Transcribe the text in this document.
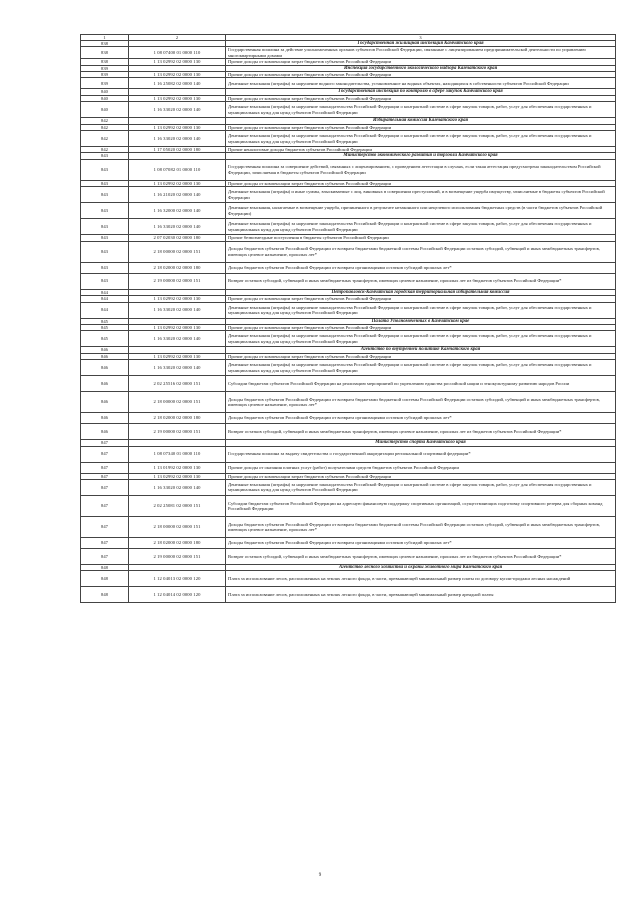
1	2	3
838		Государственная жилищная инспекция Камчатского края
838	1 08 07400 01 0000 110	Государственная пошлина за действие уполномоченных органов субъектов Российской Федерации, связанные с лицензированием предпринимательской деятельности по управлению многоквартирными домами
838	1 13 02992 02 0000 130	Прочие доходы от компенсации затрат бюджетов субъектов Российской Федерации
839		Инспекция государственного экологического надзора Камчатского края
839	1 13 02992 02 0000 130	Прочие доходы от компенсации затрат бюджетов субъектов Российской Федерации
839	1 16 25082 02 0000 140	Денежные взыскания (штрафы) за нарушение водного законодательства, установленное на водных объектах, находящихся в собственности субъектов Российской Федерации
840		Государственная инспекция по контролю в сфере закупок Камчатского края
840	1 13 02992 02 0000 130	Прочие доходы от компенсации затрат бюджетов субъектов Российской Федерации
840	1 16 33020 02 0000 140	Денежные взыскания (штрафы) за нарушение законодательства Российской Федерации о контрактной системе в сфере закупок товаров, работ, услуг для обеспечения государственных и муниципальных нужд для нужд субъектов Российской Федерации
842		Избирательная комиссия Камчатского края
842	1 13 02992 02 0000 130	Прочие доходы от компенсации затрат бюджетов субъектов Российской Федерации
842	1 16 33020 02 0000 140	Денежные взыскания (штрафы) за нарушение законодательства Российской Федерации о контрактной системе в сфере закупок товаров, работ, услуг для обеспечения государственных и муниципальных нужд для нужд субъектов Российской Федерации
842	1 17 05020 02 0000 180	Прочие неналоговые доходы бюджетов субъектов Российской Федерации
843		Министерство экономического развития и торговли Камчатского края
843	1 08 07082 01 0000 110	Государственная пошлина за совершение действий, связанных с лицензированием, с проведением аттестации в случаях, если такая аттестация предусмотрена законодательством Российской Федерации, зачисляемая в бюджеты субъектов Российской Федерации
843	1 13 02992 02 0000 130	Прочие доходы от компенсации затрат бюджетов субъектов Российской Федерации
843	1 16 21020 02 0000 140	Денежные взыскания (штрафы) и иные суммы, взыскиваемые с лиц, виновных в совершении преступлений, и в возмещение ущерба имуществу, зачисляемые в бюджеты субъектов Российской Федерации
843	1 16 32000 02 0000 140	Денежные взыскания, налагаемые в возмещение ущерба, причиненного в результате незаконного или нецелевого использования бюджетных средств (в части бюджетов субъектов Российской Федерации)
843	1 16 33020 02 0000 140	Денежные взыскания (штрафы) за нарушение законодательства Российской Федерации о контрактной системе в сфере закупок товаров, работ, услуг для обеспечения государственных и муниципальных нужд для нужд субъектов Российской Федерации
843	2 07 02030 02 0000 180	Прочие безвозмездные поступления в бюджеты субъектов Российской Федерации
843	2 18 00000 02 0000 151	Доходы бюджетов субъектов Российской Федерации от возврата бюджетами бюджетной системы Российской Федерации остатков субсидий, субвенций и иных межбюджетных трансфертов, имеющих целевое назначение, прошлых лет*
843	2 18 02000 02 0000 180	Доходы бюджетов субъектов Российской Федерации от возврата организациями остатков субсидий прошлых лет*
843	2 19 00000 02 0000 151	Возврат остатков субсидий, субвенций и иных межбюджетных трансфертов, имеющих целевое назначение, прошлых лет из бюджетов субъектов Российской Федерации*
844		Петропавловск-Камчатская городская территориальная избирательная комиссия
844	1 13 02992 02 0000 130	Прочие доходы от компенсации затрат бюджетов субъектов Российской Федерации
844	1 16 33020 02 0000 140	Денежные взыскания (штрафы) за нарушение законодательства Российской Федерации о контрактной системе в сфере закупок товаров, работ, услуг для обеспечения государственных и муниципальных нужд для нужд субъектов Российской Федерации
845		Палата Уполномоченных в Камчатском крае
845	1 13 02992 02 0000 130	Прочие доходы от компенсации затрат бюджетов субъектов Российской Федерации
845	1 16 33020 02 0000 140	Денежные взыскания (штрафы) за нарушение законодательства Российской Федерации о контрактной системе в сфере закупок товаров, работ, услуг для обеспечения государственных и муниципальных нужд для нужд субъектов Российской Федерации
846		Агентство по внутренней политике Камчатского края
846	1 13 02992 02 0000 130	Прочие доходы от компенсации затрат бюджетов субъектов Российской Федерации
846	1 16 33020 02 0000 140	Денежные взыскания (штрафы) за нарушение законодательства Российской Федерации о контрактной системе в сфере закупок товаров, работ, услуг для обеспечения государственных и муниципальных нужд для нужд субъектов Российской Федерации
846	2 02 25516 02 0000 151	Субсидии бюджетам субъектов Российской Федерации на реализацию мероприятий по укреплению единства российской нации и этнокультурному развитию народов России
846	2 18 00000 02 0000 151	Доходы бюджетов субъектов Российской Федерации от возврата бюджетами бюджетной системы Российской Федерации остатков субсидий, субвенций и иных межбюджетных трансфертов, имеющих целевое назначение, прошлых лет*
846	2 18 02000 02 0000 180	Доходы бюджетов субъектов Российской Федерации от возврата организациями остатков субсидий прошлых лет*
846	2 19 00000 02 0000 151	Возврат остатков субсидий, субвенций и иных межбюджетных трансфертов, имеющих целевое назначение, прошлых лет из бюджетов субъектов Российской Федерации*
847		Министерство спорта Камчатского края
847	1 08 07340 01 0000 110	Государственная пошлина за выдачу свидетельства о государственной аккредитации региональной спортивной федерации*
847	1 13 01992 02 0000 130	Прочие доходы от оказания платных услуг (работ) получателями средств бюджетов субъектов Российской Федерации
847	1 13 02992 02 0000 130	Прочие доходы от компенсации затрат бюджетов субъектов Российской Федерации
847	1 16 33020 02 0000 140	Денежные взыскания (штрафы) за нарушение законодательства Российской Федерации о контрактной системе в сфере закупок товаров, работ, услуг для обеспечения государственных и муниципальных нужд для нужд субъектов Российской Федерации
847	2 02 25081 02 0000 151	Субсидии бюджетам субъектов Российской Федерации на адресную финансовую поддержку спортивных организаций, осуществляющих подготовку спортивного резерва для сборных команд Российской Федерации
847	2 18 00000 02 0000 151	Доходы бюджетов субъектов Российской Федерации от возврата бюджетами бюджетной системы Российской Федерации остатков субсидий, субвенций и иных межбюджетных трансфертов, имеющих целевое назначение, прошлых лет*
847	2 18 02000 02 0000 180	Доходы бюджетов субъектов Российской Федерации от возврата организациями остатков субсидий прошлых лет*
847	2 19 00000 02 0000 151	Возврат остатков субсидий, субвенций и иных межбюджетных трансфертов, имеющих целевое назначение, прошлых лет из бюджетов субъектов Российской Федерации*
848		Агентство лесного хозяйства и охраны животного мира Камчатского края
848	1 12 04013 02 0000 120	Плата за использование лесов, расположенных на землях лесного фонда, в части, превышающей минимальный размер платы по договору купли-продажи лесных насаждений
848	1 12 04014 02 0000 120	Плата за использование лесов, расположенных на землях лесного фонда, в части, превышающей минимальный размер арендной платы
9
